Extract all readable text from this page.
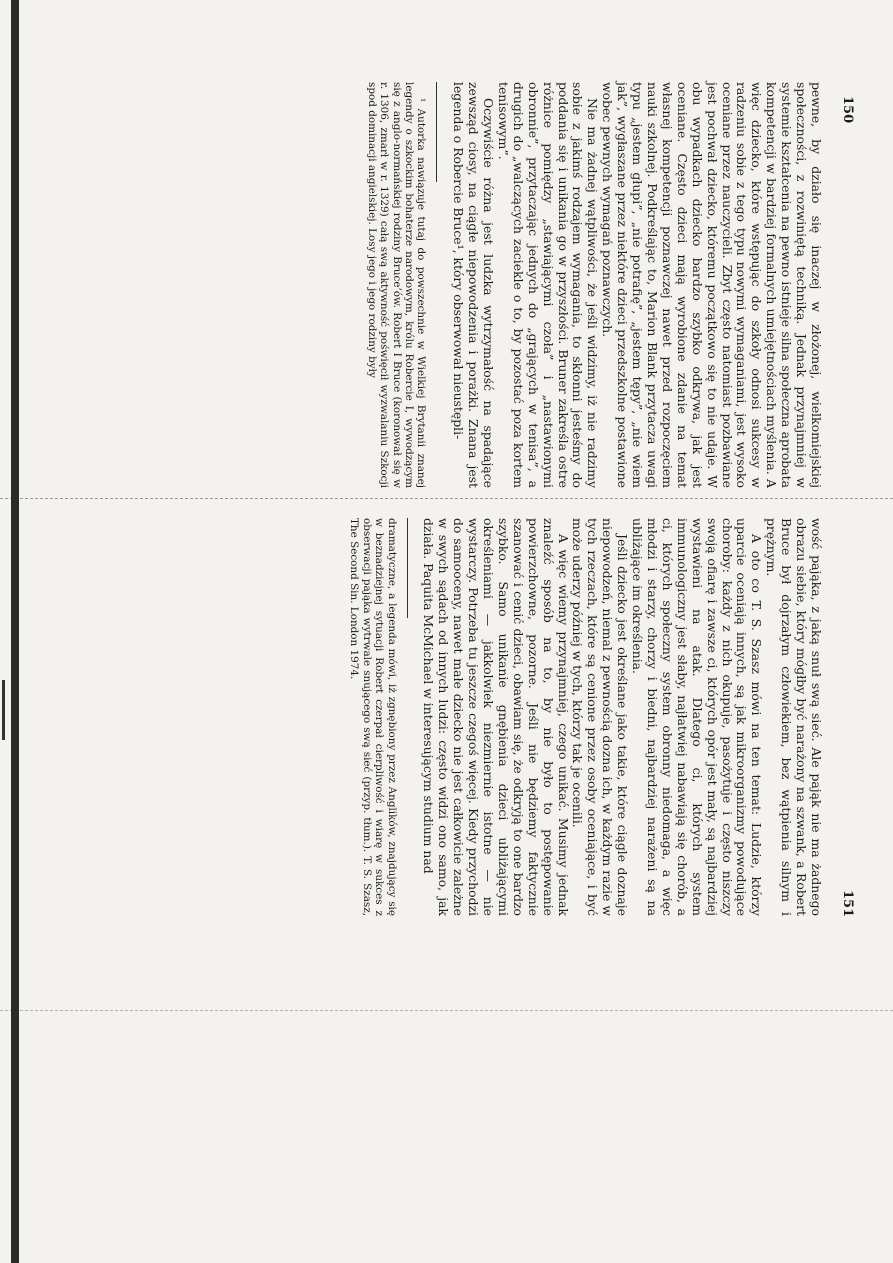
150

pewne, by działo się inaczej w złożonej, wielkomiejskiej społeczności, z rozwiniętą techniką. Jednak przynajmniej w systemie kształcenia na pewno istnieje silna społeczna aprobata kompetencji w bardziej formalnych umiejętnościach myślenia. A więc dziecko, które wstępując do szkoły odnosi sukcesy w radzeniu sobie z tego typu nowymi wymaganiami, jest wysoko oceniane przez nauczycieli. Zbyt często natomiast pozbawiane jest pochwał dziecko, któremu początkowo się to nie udaje. W obu wypadkach dziecko bardzo szybko odkrywa, jak jest oceniane. Często dzieci mają wyrobione zdanie na temat własnej kompetencji poznawczej nawet przed rozpoczęciem nauki szkolnej. Podkreślając to, Marion Blank przytacza uwagi typu „jestem głupi”, „nie potrafię”, „jestem tępy”, „nie wiem jak”, wygłaszane przez niektóre dzieci przedszkolne postawione wobec pewnych wymagań poznawczych.

Nie ma żadnej wątpliwości, że jeśli widzimy, iż nie radzimy sobie z jakimś rodzajem wymagania, to skłonni jesteśmy do poddania się i unikania go w przyszłości. Bruner zakreśla ostre różnice pomiędzy „stawiającymi czoła” i „nastawionymi obronnie”, przytaczając jednych do „grających w tenisa”, a drugich do „walczących zaciekle o to, by pozostać poza kortem tenisowym”.

Oczywiście różna jest ludzka wytrzymałość na spadające zewsząd ciosy, na ciągłe niepowodzenia i porażki. Znana jest legenda o Robercie Bruce¹, który obserwował nieustępli-

¹ Autorka nawiązuje tutaj do powszechnie w Wielkiej Brytanii znanej legendy o szkockim bohaterze narodowym, królu Robercie I, wywodzącym się z anglo-normańskiej rodziny Bruce’ów. Robert I Bruce (koronował się w r. 1306, zmarł w r. 1329) całą swą aktywność poświęcił wyzwalaniu Szkocji spod dominacji angielskiej. Losy jego i jego rodziny były

151

wość pająka, z jaką snuł swą sieć. Ale pająk nie ma żadnego obrazu siebie, który mógłby być narażony na szwank, a Robert Bruce był dojrzałym człowiekiem, bez wątpienia silnym i prężnym.

A oto co T. S. Szasz mówi na ten temat: Ludzie, którzy uparcie oceniają innych, są jak mikroorganizmy powodujące choroby: każdy z nich okupuje, pasożytuje i często niszczy swoją ofiarę i zawsze ci, których opór jest mały, są najbardziej wystawieni na atak. Dlatego ci, których system immunologiczny jest słaby, najłatwiej nabawiają się chorób, a ci, których społeczny system obronny niedomaga, a więc młodzi i starzy, chorzy i biedni, najbardziej narażeni są na ubliżające im określenia.

Jeśli dziecko jest określane jako takie, które ciągle doznaje niepowodzeń, niemal z pewnością dozna ich, w każdym razie w tych rzeczach, które są cenione przez osoby oceniające, i być może uderzy później w tych, którzy tak je ocenili.

A więc wiemy przynajmniej, czego unikać. Musimy jednak znaleźć sposób na to, by nie było to postępowanie powierzchowne, pozorne. Jeśli nie będziemy faktycznie szanować i cenić dzieci, obawiam się, że odkryją to one bardzo szybko. Samo unikanie gnębienia dzieci ubliżającymi określeniami — jakkolwiek niezmiernie istotne — nie wystarczy. Potrzeba tu jeszcze czegoś więcej. Kiedy przychodzi do samooceny, nawet małe dziecko nie jest całkowicie zależne w swych sądach od innych ludzi: często widzi ono samo, jak działa. Paquita McMichael w interesującym studium nad

dramatyczne, a legenda mówi, iż zgnębiony przez Anglików, znajdujący się w beznadziejnej sytuacji Robert czerpał cierpliwość i wiarę w sukces z obserwacji pająka wytrwale snującego swą sieć (przyp. tłum.). T. S. Szasz, The Second Sin. London 1974.
